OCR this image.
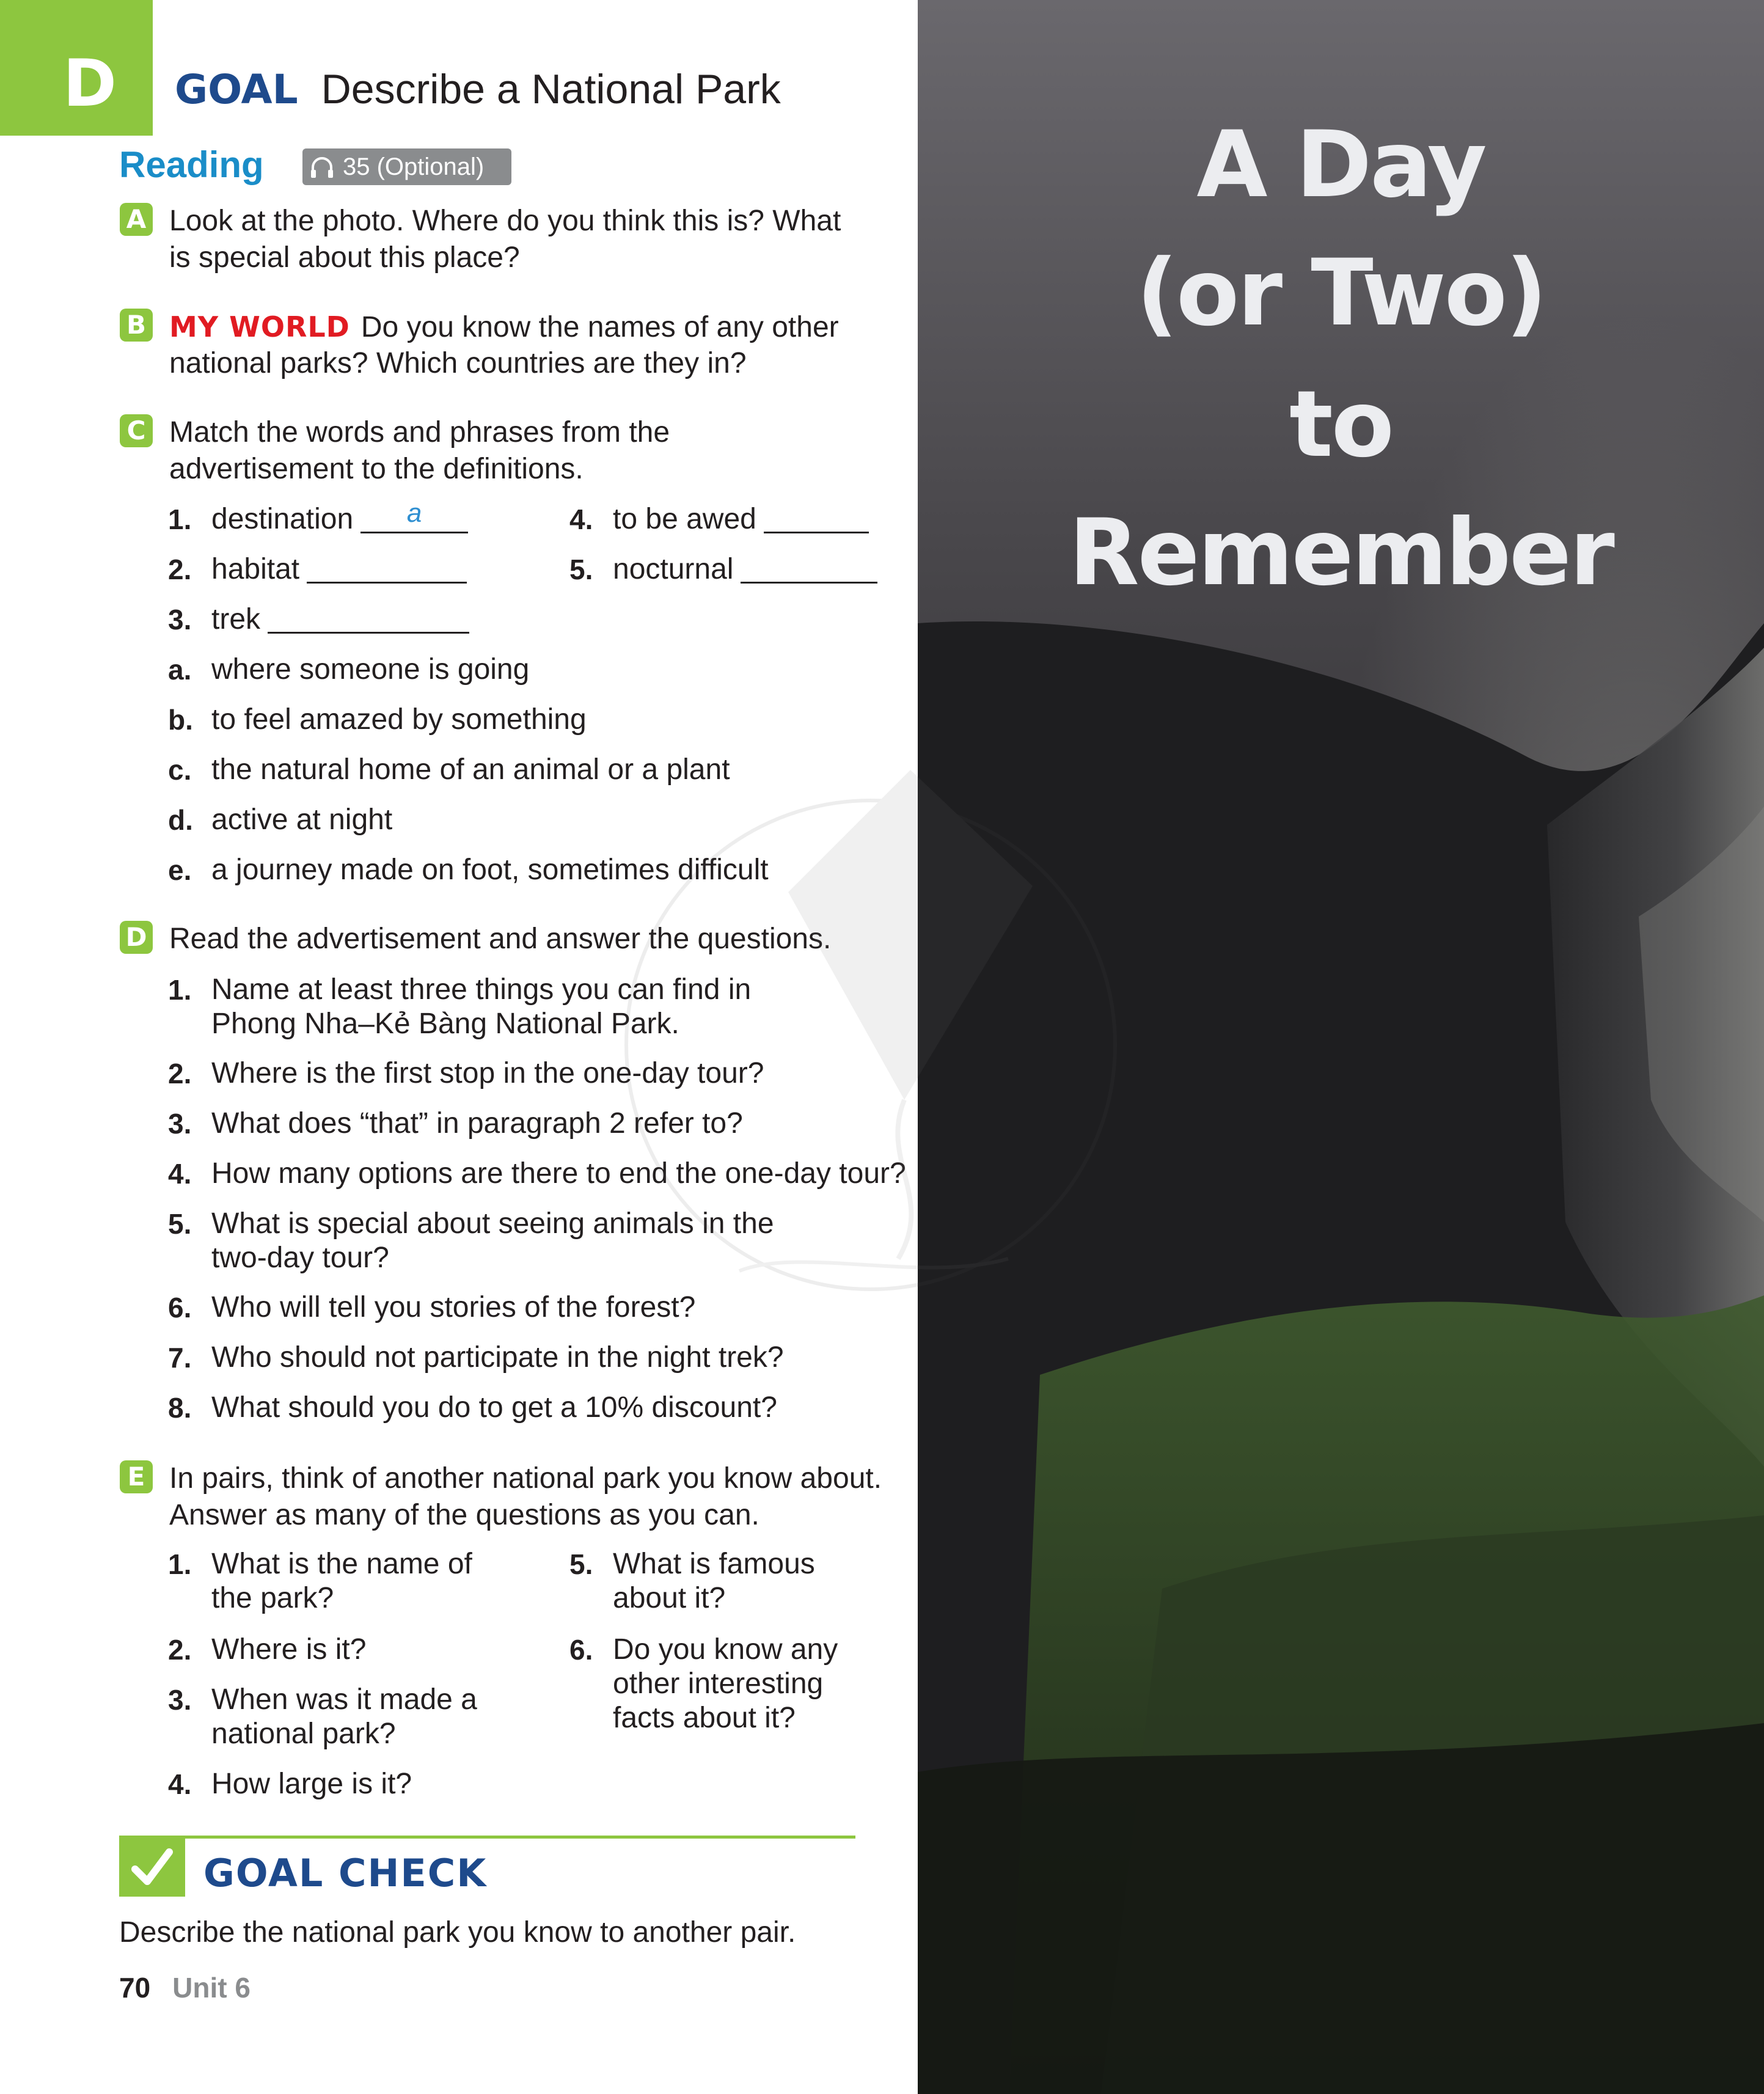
D GOAL Describe a National Park
Reading	35 (Optional)
A Look at the photo. Where do you think this is? What
is special about this place?
B MY WORLD Do you know the names of any other
national parks? Which countries are they in?
C Match the words and phrases from the
advertisement to the definitions.
1. destination	a
2. habitat
3. trek
4. to be awed
5. nocturnal
a. where someone is going
b. to feel amazed by something
c. the natural home of an animal or a plant
d. active at night
e. a journey made on foot, sometimes difficult
D Read the advertisement and answer the questions.
1. Name at least three things you can find in
Phong Nha–Kẻ Bàng National Park.
2. Where is the first stop in the one-day tour?
3. What does “that” in paragraph 2 refer to?
4. How many options are there to end the one-day tour?
5. What is special about seeing animals in the
two-day tour?
6. Who will tell you stories of the forest?
7. Who should not participate in the night trek?
8. What should you do to get a 10% discount?
E In pairs, think of another national park you know about.
Answer as many of the questions as you can.
1. What is the name of
the park?
2. Where is it?
3. When was it made a
national park?
4. How large is it?
5. What is famous
about it?
6. Do you know any
other interesting
facts about it?
GOAL CHECK
Describe the national park you know to another pair.
70 Unit 6
A Day
(or Two)
to
Remember
